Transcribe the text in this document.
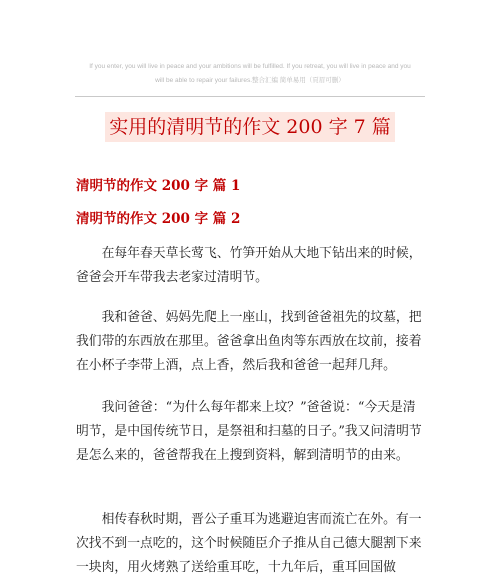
If you enter, you will live in peace and your ambitions will be fulfilled. If you retreat, you will live in peace and you
will be able to repair your failures.整合汇编 简单易用（頁眉可删）
实用的清明节的作文 200 字 7 篇
清明节的作文 200 字 篇 1
清明节的作文 200 字 篇 2

在每年春天草长莺飞、竹笋开始从大地下钻出来的时候，爸爸会开车带我去老家过清明节。

我和爸爸、妈妈先爬上一座山，找到爸爸祖先的坟墓，把我们带的东西放在那里。爸爸拿出鱼肉等东西放在坟前，接着在小杯子李带上酒，点上香，然后我和爸爸一起拜几拜。

我问爸爸：“为什么每年都来上坟？”爸爸说：“今天是清明节，是中国传统节日，是祭祖和扫墓的日子。”我又问清明节是怎么来的，爸爸帮我在上搜到资料，解到清明节的由来。

相传春秋时期，晋公子重耳为逃避迫害而流亡在外。有一次找不到一点吃的，这个时候随臣介子推从自己德大腿割下来一块肉，用火烤熟了送给重耳吃，十九年后，重耳回国做
